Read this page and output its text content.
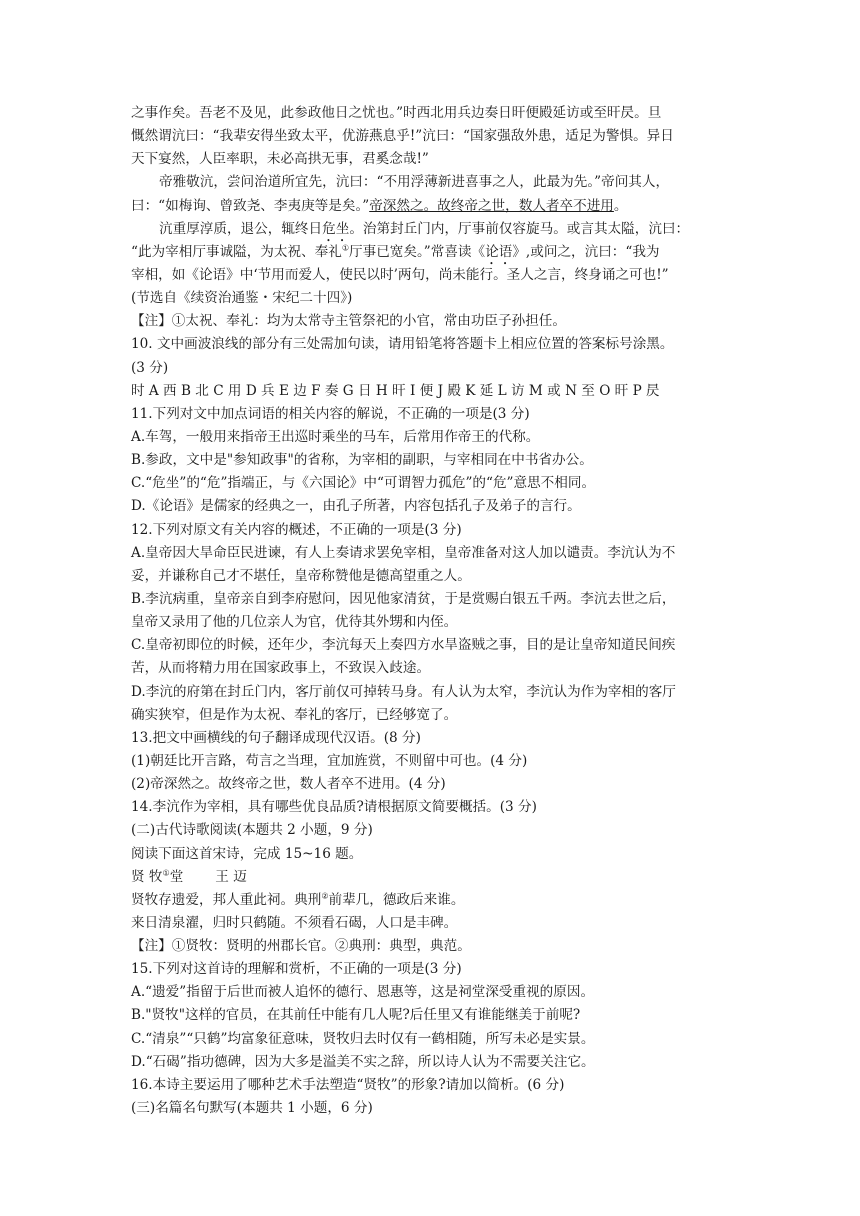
之事作矣。吾老不及见，此参政他日之忧也。”时西北用兵边奏日旰便殿延访或至旰昃。旦
慨然谓沆曰：“我辈安得坐致太平，优游燕息乎!”沆曰：“国家强敌外患，适足为警惧。异日
天下宴然，人臣率职，未必高拱无事，君奚念哉!”
帝雅敬沆，尝问治道所宜先，沆曰：“不用浮薄新进喜事之人，此最为先。”帝问其人，
曰：“如梅询、曾致尧、李夷庚等是矣。”帝深然之。故终帝之世，数人者卒不进用。
沆重厚淳质，退公，辄终日危坐。治第封丘门内，厅事前仅容旋马。或言其太隘，沆曰：
“此为宰相厅事诚隘，为太祝、奉礼①厅事已宽矣。”常喜读《论语》,或问之，沆曰：“我为
宰相，如《论语》中‘节用而爱人，使民以时’两句，尚未能行。圣人之言，终身诵之可也!”
(节选自《续资治通鉴・宋纪二十四》)
【注】①太祝、奉礼：均为太常寺主管祭祀的小官，常由功臣子孙担任。
10. 文中画波浪线的部分有三处需加句读，请用铅笔将答题卡上相应位置的答案标号涂黑。
(3 分)
时 A 西 B 北 C 用 D 兵 E 边 F 奏 G 日 H 旰 I 便 J 殿 K 延 L 访 M 或 N 至 O 旰 P 昃
11.下列对文中加点词语的相关内容的解说，不正确的一项是(3 分)
A.车驾，一般用来指帝王出巡时乘坐的马车，后常用作帝王的代称。
B.参政，文中是"参知政事"的省称，为宰相的副职，与宰相同在中书省办公。
C.“危坐”的“危”指端正，与《六国论》中“可谓智力孤危”的“危”意思不相同。
D.《论语》是儒家的经典之一，由孔子所著，内容包括孔子及弟子的言行。
12.下列对原文有关内容的概述，不正确的一项是(3 分)
A.皇帝因大旱命臣民进谏，有人上奏请求罢免宰相，皇帝准备对这人加以谴责。李沆认为不
妥，并谦称自己才不堪任，皇帝称赞他是德高望重之人。
B.李沆病重，皇帝亲自到李府慰问，因见他家清贫，于是赏赐白银五千两。李沆去世之后，
皇帝又录用了他的几位亲人为官，优待其外甥和内侄。
C.皇帝初即位的时候，还年少，李沆每天上奏四方水旱盗贼之事，目的是让皇帝知道民间疾
苦，从而将精力用在国家政事上，不致误入歧途。
D.李沆的府第在封丘门内，客厅前仅可掉转马身。有人认为太窄，李沆认为作为宰相的客厅
确实狭窄，但是作为太祝、奉礼的客厅，已经够宽了。
13.把文中画横线的句子翻译成现代汉语。(8 分)
(1)朝廷比开言路，苟言之当理，宜加旌赏，不则留中可也。(4 分)
(2)帝深然之。故终帝之世，数人者卒不进用。(4 分)
14.李沆作为宰相，具有哪些优良品质?请根据原文简要概括。(3 分)
(二)古代诗歌阅读(本题共 2 小题，9 分)
阅读下面这首宋诗，完成 15~16 题。
贤 牧①堂 王 迈
贤牧存遗爱，邦人重此祠。典刑②前辈几，德政后来谁。
来日清泉濯，归时只鹤随。不须看石碣，人口是丰碑。
【注】①贤牧：贤明的州郡长官。②典刑：典型，典范。
15.下列对这首诗的理解和赏析，不正确的一项是(3 分)
A.“遗爱”指留于后世而被人追怀的德行、恩惠等，这是祠堂深受重视的原因。
B."贤牧"这样的官员，在其前任中能有几人呢?后任里又有谁能继美于前呢?
C.“清泉”“只鹤”均富象征意味，贤牧归去时仅有一鹤相随，所写未必是实景。
D.“石碣”指功德碑，因为大多是溢美不实之辞，所以诗人认为不需要关注它。
16.本诗主要运用了哪种艺术手法塑造“贤牧”的形象?请加以简析。(6 分)
(三)名篇名句默写(本题共 1 小题，6 分)
